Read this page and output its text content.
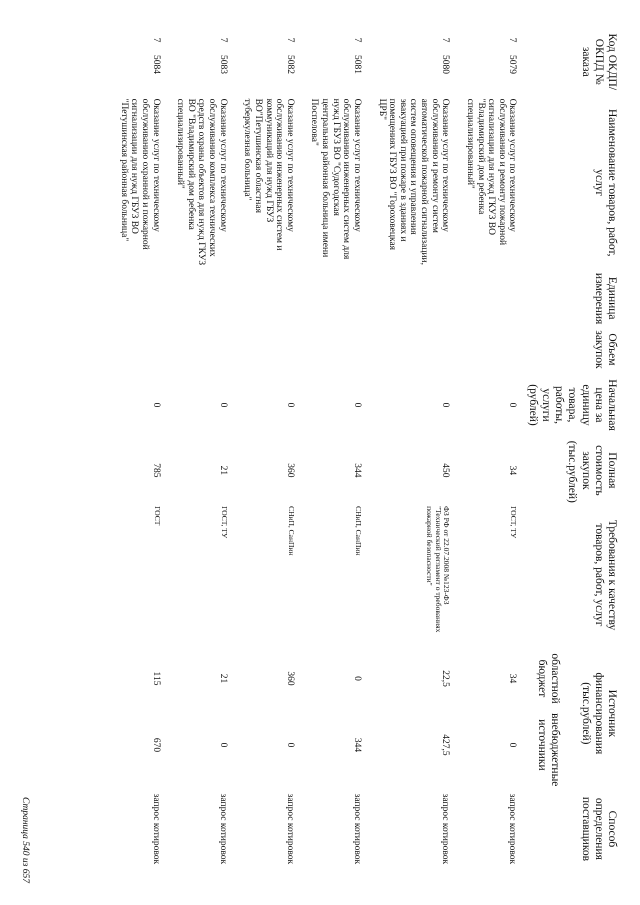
Код ОКДП/ ОКПД № заказа		Наименование товаров, работ, услуг	Единица измерения	Объем закупок	Начальная цена за единицу товара, работы, услуги (рублей)	Полная стоимость закупок (тыс.рублей)	Требования к качеству товаров, работ, услуг	Источник финансирования (тыс.рублей)		Способ определения поставщиков
								областной бюджет	внебюджетные источники	
7	5079	Оказание услуг по техническому обслуживанию и ремонту пожарной сигнализации для нужд ГКУЗ ВО "Владимирский дом ребенка специализированный"			0	34	ГОСТ, ТУ	34	0	запрос котировок
7	5080	Оказание услуг по техническому обслуживанию и ремонту систем автоматической пожарной сигнализации, систем оповещения и управления эвакуацией при пожаре в зданиях и помещениях ГБУЗ ВО "Гороховецкая ЦРБ"			0	450	ФЗ РФ от 22.07.2008 №123-ФЗ "Технический регламент о требованиях пожарной безопасности"	22,5	427,5	запрос котировок
7	5081	Оказание услуг по техническому обслуживанию инженерных систем для нужд ГБУЗ ВО "Судогодская центральная районная больница имени Поспелова"			0	344	СНиП, СанПин	0	344	запрос котировок
7	5082	Оказание услуг по техническому обслуживанию инженерных систем и коммуникаций для нужд ГБУЗ ВО"Петушинская областная туберкулезная больница"			0	360	СНиП, СанПин	360	0	запрос котировок
7	5083	Оказание услуг по техническому обслуживанию комплекса технических средств охраны объектов для нужд ГКУЗ ВО "Владимирский дом ребенка специализированный"			0	21	ГОСТ, ТУ	21	0	запрос котировок
7	5084	Оказание услуг по техническому обслуживанию охранной и пожарной сигнализации для нужд ГБУЗ ВО "Петушинская районная больница"			0	785	ГОСТ	115	670	запрос котировок
Страница 540 из 657
